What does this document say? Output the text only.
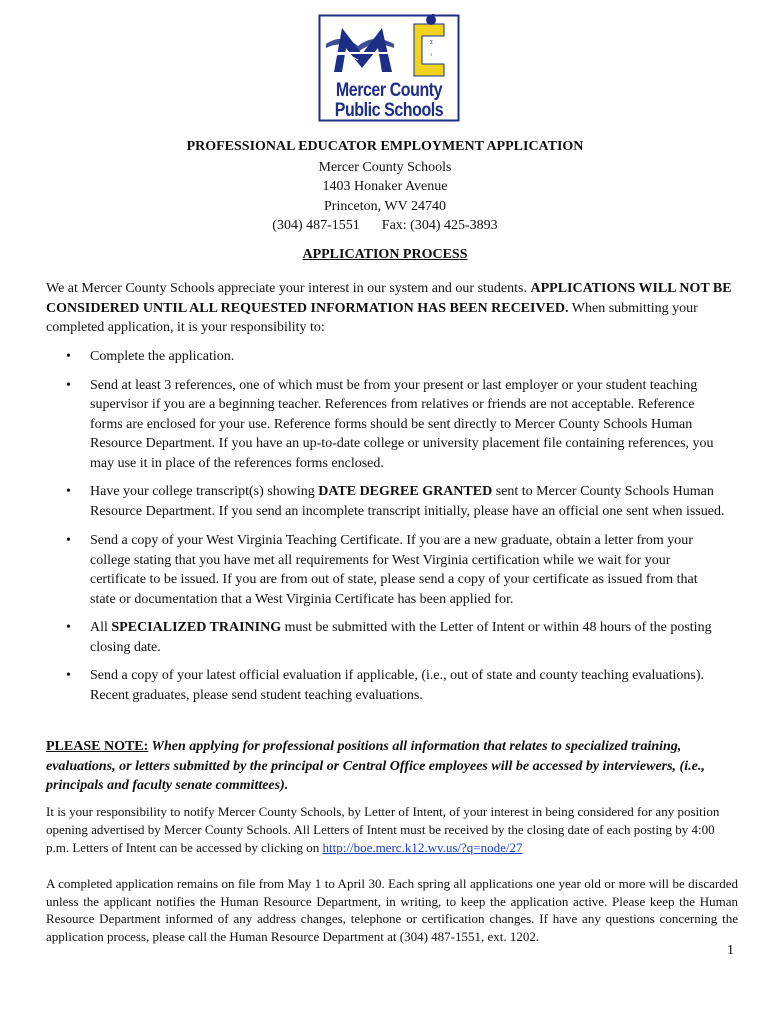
Σ
♪
Mercer County
Public Schools
PROFESSIONAL EDUCATOR EMPLOYMENT APPLICATION
Mercer County Schools
1403 Honaker Avenue
Princeton, WV 24740
(304) 487-1551 Fax: (304) 425-3893
APPLICATION PROCESS
We at Mercer County Schools appreciate your interest in our system and our students. APPLICATIONS WILL NOT BE CONSIDERED UNTIL ALL REQUESTED INFORMATION HAS BEEN RECEIVED. When submitting your completed application, it is your responsibility to:
• Complete the application.
• Send at least 3 references, one of which must be from your present or last employer or your student teaching supervisor if you are a beginning teacher. References from relatives or friends are not acceptable. Reference forms are enclosed for your use. Reference forms should be sent directly to Mercer County Schools Human Resource Department. If you have an up-to-date college or university placement file containing references, you may use it in place of the references forms enclosed.
• Have your college transcript(s) showing DATE DEGREE GRANTED sent to Mercer County Schools Human Resource Department. If you send an incomplete transcript initially, please have an official one sent when issued.
• Send a copy of your West Virginia Teaching Certificate. If you are a new graduate, obtain a letter from your college stating that you have met all requirements for West Virginia certification while we wait for your certificate to be issued. If you are from out of state, please send a copy of your certificate as issued from that state or documentation that a West Virginia Certificate has been applied for.
• All SPECIALIZED TRAINING must be submitted with the Letter of Intent or within 48 hours of the posting closing date.
• Send a copy of your latest official evaluation if applicable, (i.e., out of state and county teaching evaluations). Recent graduates, please send student teaching evaluations.
PLEASE NOTE: When applying for professional positions all information that relates to specialized training, evaluations, or letters submitted by the principal or Central Office employees will be accessed by interviewers, (i.e., principals and faculty senate committees).
It is your responsibility to notify Mercer County Schools, by Letter of Intent, of your interest in being considered for any position opening advertised by Mercer County Schools. All Letters of Intent must be received by the closing date of each posting by 4:00 p.m. Letters of Intent can be accessed by clicking on http://boe.merc.k12.wv.us/?q=node/27
A completed application remains on file from May 1 to April 30. Each spring all applications one year old or more will be discarded unless the applicant notifies the Human Resource Department, in writing, to keep the application active. Please keep the Human Resource Department informed of any address changes, telephone or certification changes. If have any questions concerning the application process, please call the Human Resource Department at (304) 487-1551, ext. 1202.
1
